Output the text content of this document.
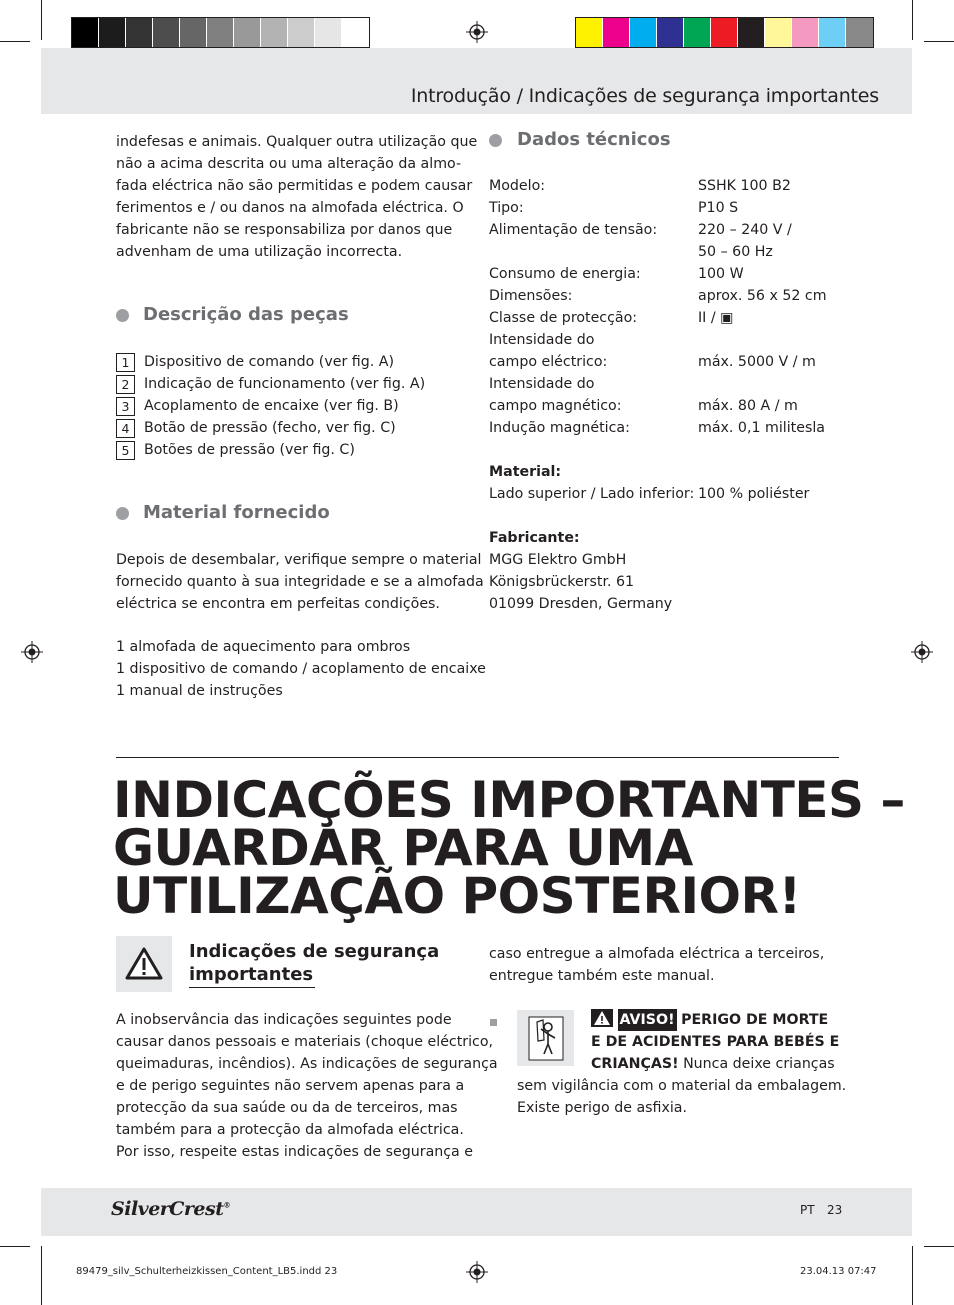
Introdução / Indicações de segurança importantes
indefesas e animais. Qualquer outra utilização que
não a acima descrita ou uma alteração da almo-
fada eléctrica não são permitidas e podem causar
ferimentos e / ou danos na almofada eléctrica. O
fabricante não se responsabiliza por danos que
advenham de uma utilização incorrecta.
Descrição das peças
1	Dispositivo de comando (ver fig. A)
2	Indicação de funcionamento (ver fig. A)
3	Acoplamento de encaixe (ver fig. B)
4	Botão de pressão (fecho, ver fig. C)
5	Botões de pressão (ver fig. C)
Material fornecido
Depois de desembalar, verifique sempre o material
fornecido quanto à sua integridade e se a almofada
eléctrica se encontra em perfeitas condições.
1 almofada de aquecimento para ombros
1 dispositivo de comando / acoplamento de encaixe
1 manual de instruções
Dados técnicos
Modelo:	SSHK 100 B2
Tipo:	P10 S
Alimentação de tensão:	220 – 240 V /
50 – 60 Hz
Consumo de energia:	100 W
Dimensões:	aprox. 56 x 52 cm
Classe de protecção:	II / ▣
Intensidade do
campo eléctrico:	máx. 5000 V / m
Intensidade do
campo magnético:	máx. 80 A / m
Indução magnética:	máx. 0,1 militesla
Material:
Lado superior / Lado inferior: 100 % poliéster
Fabricante:
MGG Elektro GmbH
Königsbrückerstr. 61
01099 Dresden, Germany
INDICAÇÕES IMPORTANTES –
GUARDAR PARA UMA
UTILIZAÇÃO POSTERIOR!
Indicações de segurança
importantes
A inobservância das indicações seguintes pode
causar danos pessoais e materiais (choque eléctrico,
queimaduras, incêndios). As indicações de segurança
e de perigo seguintes não servem apenas para a
protecção da sua saúde ou da de terceiros, mas
também para a protecção da almofada eléctrica.
Por isso, respeite estas indicações de segurança e
caso entregue a almofada eléctrica a terceiros,
entregue também este manual.
AVISO! PERIGO DE MORTE
E DE ACIDENTES PARA BEBÉS E
CRIANÇAS! Nunca deixe crianças
sem vigilância com o material da embalagem.
Existe perigo de asfixia.
SilverCrest®	PT 23
89479_silv_Schulterheizkissen_Content_LB5.indd 23	23.04.13 07:47
